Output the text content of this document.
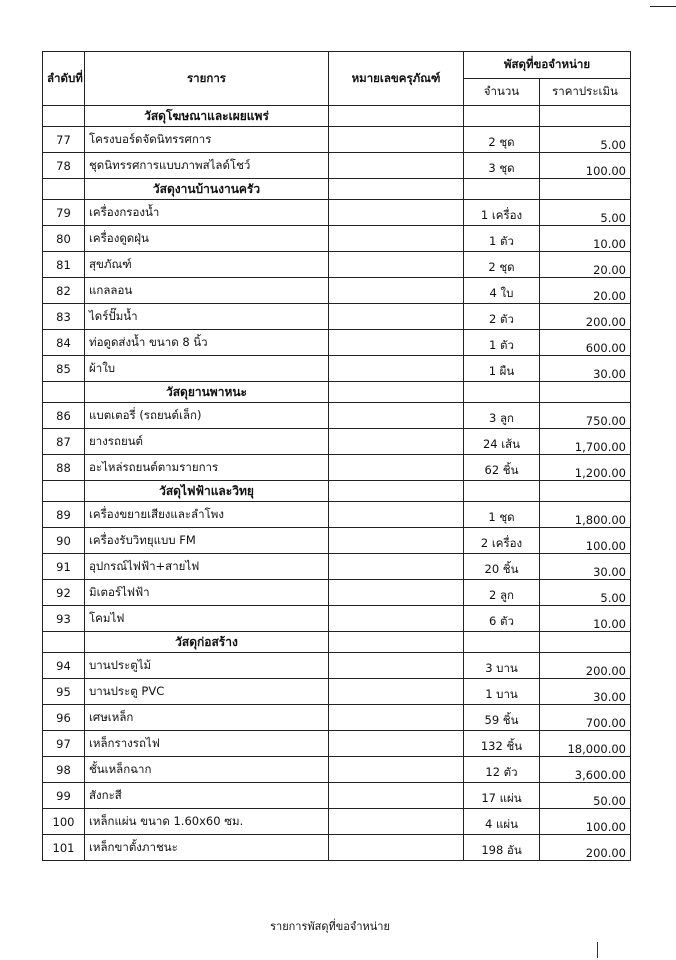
ลำดับที่	รายการ	หมายเลขครุภัณฑ์	พัสดุที่ขอจำหน่าย	
			จำนวน	ราคาประเมิน
	วัสดุโฆษณาและเผยแพร่			
77	โครงบอร์ดจัดนิทรรศการ		2 ชุด	5.00
78	ชุดนิทรรศการแบบภาพสไลด์โชว์		3 ชุด	100.00
	วัสดุงานบ้านงานครัว			
79	เครื่องกรองน้ำ		1 เครื่อง	5.00
80	เครื่องดูดฝุ่น		1 ตัว	10.00
81	สุขภัณฑ์		2 ชุด	20.00
82	แกลลอน		4 ใบ	20.00
83	ไดร์ปั๊มน้ำ		2 ตัว	200.00
84	ท่อดูดส่งน้ำ ขนาด 8 นิ้ว		1 ตัว	600.00
85	ผ้าใบ		1 ผืน	30.00
	วัสดุยานพาหนะ			
86	แบตเตอรี่ (รถยนต์เล็ก)		3 ลูก	750.00
87	ยางรถยนต์		24 เส้น	1,700.00
88	อะไหล่รถยนต์ตามรายการ		62 ชิ้น	1,200.00
	วัสดุไฟฟ้าและวิทยุ			
89	เครื่องขยายเสียงและลำโพง		1 ชุด	1,800.00
90	เครื่องรับวิทยุแบบ FM		2 เครื่อง	100.00
91	อุปกรณ์ไฟฟ้า+สายไฟ		20 ชิ้น	30.00
92	มิเตอร์ไฟฟ้า		2 ลูก	5.00
93	โคมไฟ		6 ตัว	10.00
	วัสดุก่อสร้าง			
94	บานประตูไม้		3 บาน	200.00
95	บานประตู PVC		1 บาน	30.00
96	เศษเหล็ก		59 ชิ้น	700.00
97	เหล็กรางรถไฟ		132 ชิ้น	18,000.00
98	ชั้นเหล็กฉาก		12 ตัว	3,600.00
99	สังกะสี		17 แผ่น	50.00
100	เหล็กแผ่น ขนาด 1.60x60 ซม.		4 แผ่น	100.00
101	เหล็กขาตั้งภาชนะ		198 อัน	200.00
รายการพัสดุที่ขอจำหน่าย
